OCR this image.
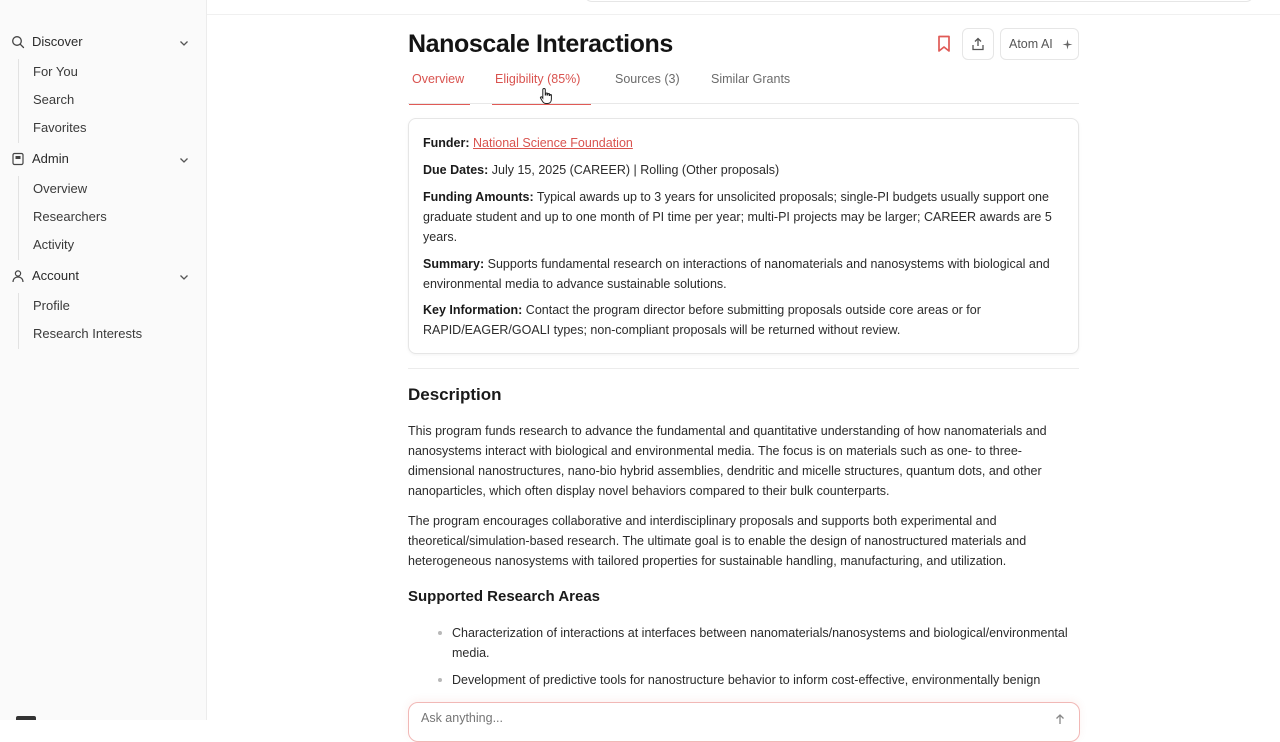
Discover
For You
Search
Favorites
Admin
Overview
Researchers
Activity
Account
Profile
Research Interests
Nanoscale Interactions	Atom AI
Overview Eligibility (85%)	Sources (3)	Similar Grants

Funder: National Science Foundation

Due Dates: July 15, 2025 (CAREER) | Rolling (Other proposals)

Funding Amounts: Typical awards up to 3 years for unsolicited proposals; single-PI budgets usually support one graduate student and up to one month of PI time per year; multi-PI projects may be larger; CAREER awards are 5 years.

Summary: Supports fundamental research on interactions of nanomaterials and nanosystems with biological and environmental media to advance sustainable solutions.

Key Information: Contact the program director before submitting proposals outside core areas or for RAPID/EAGER/GOALI types; non-compliant proposals will be returned without review.

Description

This program funds research to advance the fundamental and quantitative understanding of how nanomaterials and nanosystems interact with biological and environmental media. The focus is on materials such as one- to three-dimensional nanostructures, nano-bio hybrid assemblies, dendritic and micelle structures, quantum dots, and other nanoparticles, which often display novel behaviors compared to their bulk counterparts.

The program encourages collaborative and interdisciplinary proposals and supports both experimental and theoretical/simulation-based research. The ultimate goal is to enable the design of nanostructured materials and heterogeneous nanosystems with tailored properties for sustainable handling, manufacturing, and utilization.

Supported Research Areas

Characterization of interactions at interfaces between nanomaterials/nanosystems and biological/environmental media.

Development of predictive tools for nanostructure behavior to inform cost-effective, environmentally benign

Ask anything...
